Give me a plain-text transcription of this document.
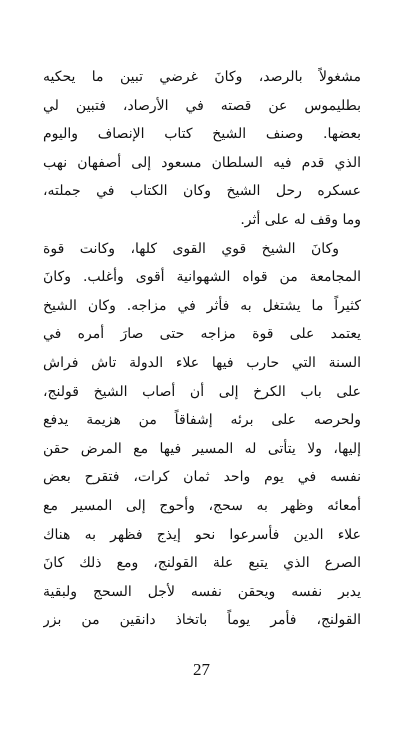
مشغولاً بالرصد، وكانَ غرضي تبين ما يحكيه
بطليموس عن قصته في الأرصاد، فتبين لي
بعضها. وصنف الشيخ كتاب الإنصاف واليوم
الذي قدم فيه السلطان مسعود إلى أصفهان نهب
عسكره رحل الشيخ وكان الكتاب في جملته،
وما وقف له على أثر.
وكانَ الشيخ قوي القوى كلها، وكانت قوة
المجامعة من قواه الشهوانية أقوى وأغلب. وكانَ
كثيراً ما يشتغل به فأثر في مزاجه. وكان الشيخ
يعتمد على قوة مزاجه حتى صارَ أمره في
السنة التي حارب فيها علاء الدولة تاش فراش
على باب الكرخ إلى أن أصاب الشيخ قولنج،
ولحرصه على برئه إشفاقاً من هزيمة يدفع
إليها، ولا يتأتى له المسير فيها مع المرض حقن
نفسه في يوم واحد ثمان كرات، فتقرح بعض
أمعائه وظهر به سحج، وأحوج إلى المسير مع
علاء الدين فأسرعوا نحو إيذج فظهر به هناك
الصرع الذي يتبع علة القولنج، ومع ذلك كانَ
يدبر نفسه ويحقن نفسه لأجل السحج ولبقية
القولنج، فأمر يوماً باتخاذ دانقين من بزر
27
